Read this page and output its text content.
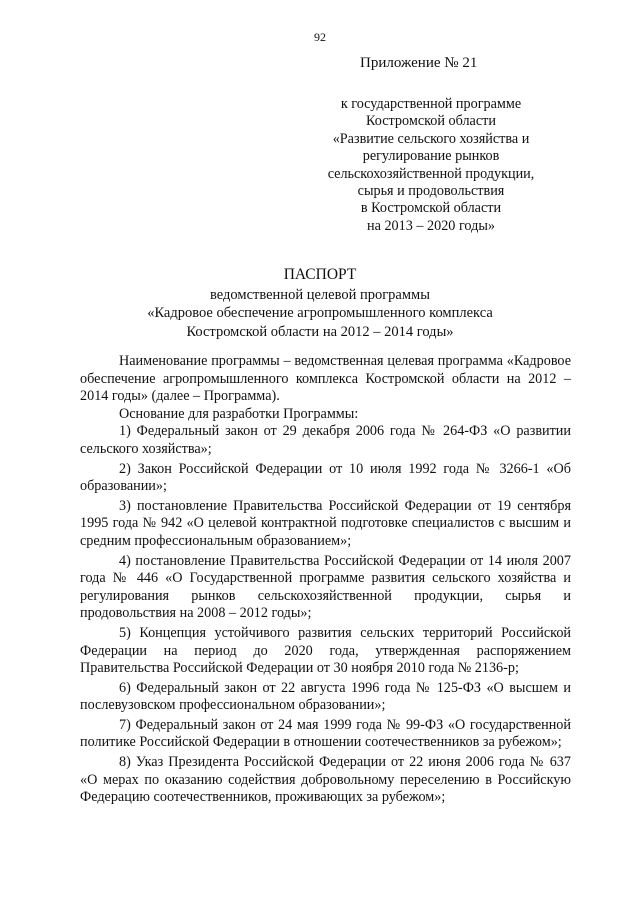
92
Приложение № 21
к государственной программе
Костромской области
«Развитие сельского хозяйства и
регулирование рынков
сельскохозяйственной продукции,
сырья и продовольствия
в Костромской области
на 2013 – 2020 годы»
ПАСПОРТ
ведомственной целевой программы
«Кадровое обеспечение агропромышленного комплекса
Костромской области на 2012 – 2014 годы»

Наименование программы – ведомственная целевая программа «Кадровое обеспечение агропромышленного комплекса Костромской области на 2012 – 2014 годы» (далее – Программа).

Основание для разработки Программы:

1) Федеральный закон от 29 декабря 2006 года № 264-ФЗ «О развитии сельского хозяйства»;

2) Закон Российской Федерации от 10 июля 1992 года № 3266-1 «Об образовании»;

3) постановление Правительства Российской Федерации от 19 сентября 1995 года № 942 «О целевой контрактной подготовке специалистов с высшим и средним профессиональным образованием»;

4) постановление Правительства Российской Федерации от 14 июля 2007 года № 446 «О Государственной программе развития сельского хозяйства и регулирования рынков сельскохозяйственной продукции, сырья и продовольствия на 2008 – 2012 годы»;

5) Концепция устойчивого развития сельских территорий Российской Федерации на период до 2020 года, утвержденная распоряжением Правительства Российской Федерации от 30 ноября 2010 года № 2136-р;

6) Федеральный закон от 22 августа 1996 года № 125-ФЗ «О высшем и послевузовском профессиональном образовании»;

7) Федеральный закон от 24 мая 1999 года № 99-ФЗ «О государственной политике Российской Федерации в отношении соотечественников за рубежом»;

8) Указ Президента Российской Федерации от 22 июня 2006 года № 637 «О мерах по оказанию содействия добровольному переселению в Российскую Федерацию соотечественников, проживающих за рубежом»;
